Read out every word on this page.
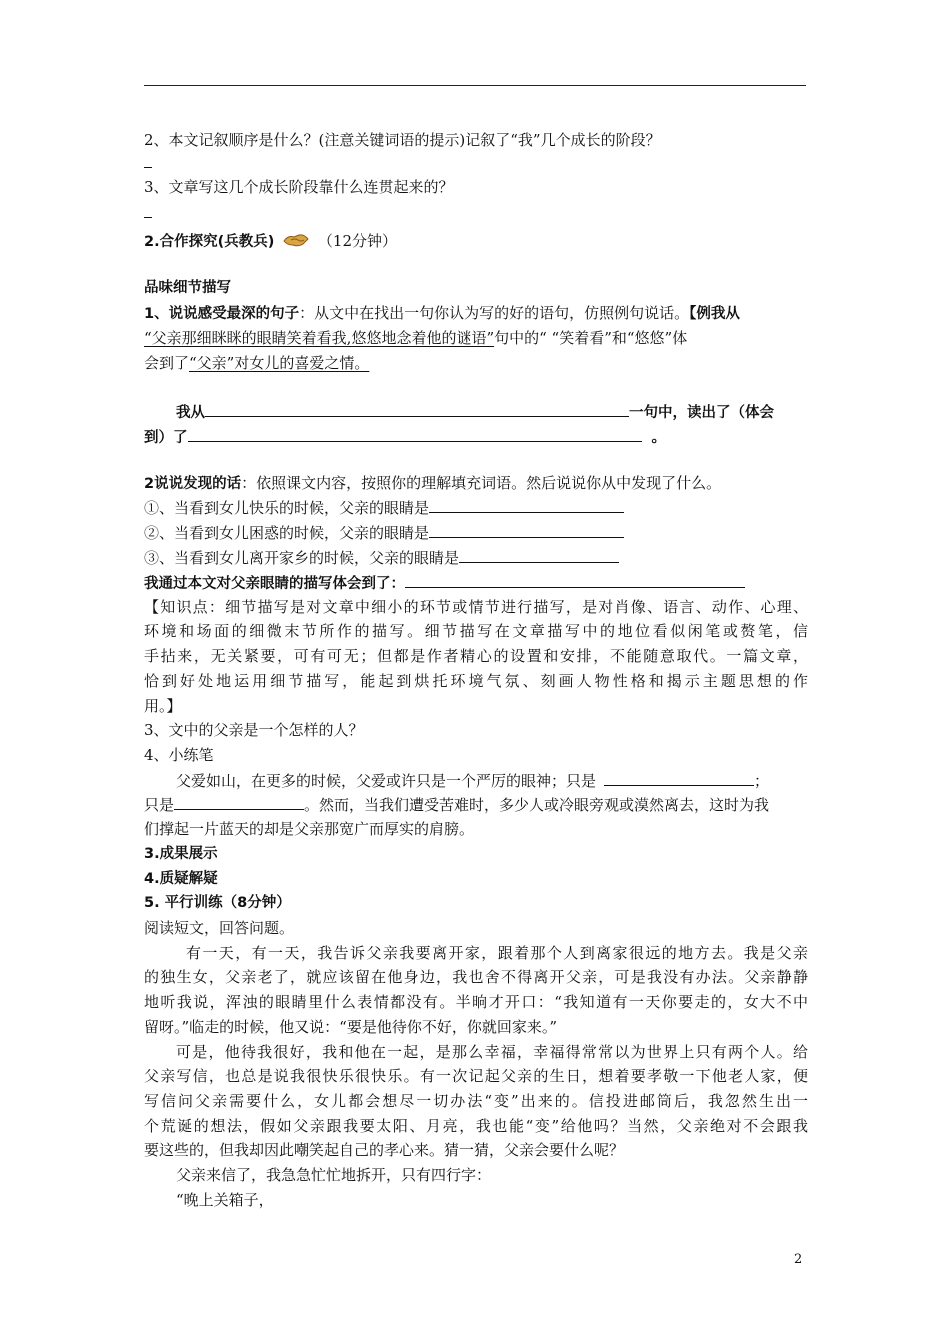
2、本文记叙顺序是什么？(注意关键词语的提示)记叙了“我”几个成长的阶段？
3、文章写这几个成长阶段靠什么连贯起来的？
2.合作探究(兵教兵)	（12分钟）
品味细节描写
1、说说感受最深的句子：从文中在找出一句你认为写的好的语句，仿照例句说话。【例我从
“父亲那细眯眯的眼睛笑着看我,悠悠地念着他的谜语”句中的“ “笑着看”和“悠悠”体
会到了“父亲”对女儿的喜爱之情。
我从	一句中，读出了（体会
到）了	。
2说说发现的话：依照课文内容，按照你的理解填充词语。然后说说你从中发现了什么。
①、当看到女儿快乐的时候，父亲的眼睛是
②、当看到女儿困惑的时候，父亲的眼睛是
③、当看到女儿离开家乡的时候，父亲的眼睛是
我通过本文对父亲眼睛的描写体会到了：
【知识点：细节描写是对文章中细小的环节或情节进行描写，是对肖像、语言、动作、心理、
环境和场面的细微末节所作的描写。细节描写在文章描写中的地位看似闲笔或赘笔，信
手拈来，无关紧要，可有可无；但都是作者精心的设置和安排，不能随意取代。一篇文章，
恰到好处地运用细节描写，能起到烘托环境气氛、刻画人物性格和揭示主题思想的作
用。】
3、文中的父亲是一个怎样的人？
4、小练笔
父爱如山，在更多的时候，父爱或许只是一个严厉的眼神；只是	；
只是	。然而，当我们遭受苦难时，多少人或冷眼旁观或漠然离去，这时为我
们撑起一片蓝天的却是父亲那宽广而厚实的肩膀。
3.成果展示
4.质疑解疑
5. 平行训练（8分钟）
阅读短文，回答问题。
有一天，有一天，我告诉父亲我要离开家，跟着那个人到离家很远的地方去。我是父亲
的独生女，父亲老了，就应该留在他身边，我也舍不得离开父亲，可是我没有办法。父亲静静
地听我说，浑浊的眼睛里什么表情都没有。半晌才开口：“我知道有一天你要走的，女大不中
留呀。”临走的时候，他又说：“要是他待你不好，你就回家来。”
可是，他待我很好，我和他在一起，是那么幸福，幸福得常常以为世界上只有两个人。给
父亲写信，也总是说我很快乐很快乐。有一次记起父亲的生日，想着要孝敬一下他老人家，便
写信问父亲需要什么，女儿都会想尽一切办法“变”出来的。信投进邮筒后，我忽然生出一
个荒诞的想法，假如父亲跟我要太阳、月亮，我也能“变”给他吗？当然，父亲绝对不会跟我
要这些的，但我却因此嘲笑起自己的孝心来。猜一猜，父亲会要什么呢？
父亲来信了，我急急忙忙地拆开，只有四行字：
“晚上关箱子，
2
